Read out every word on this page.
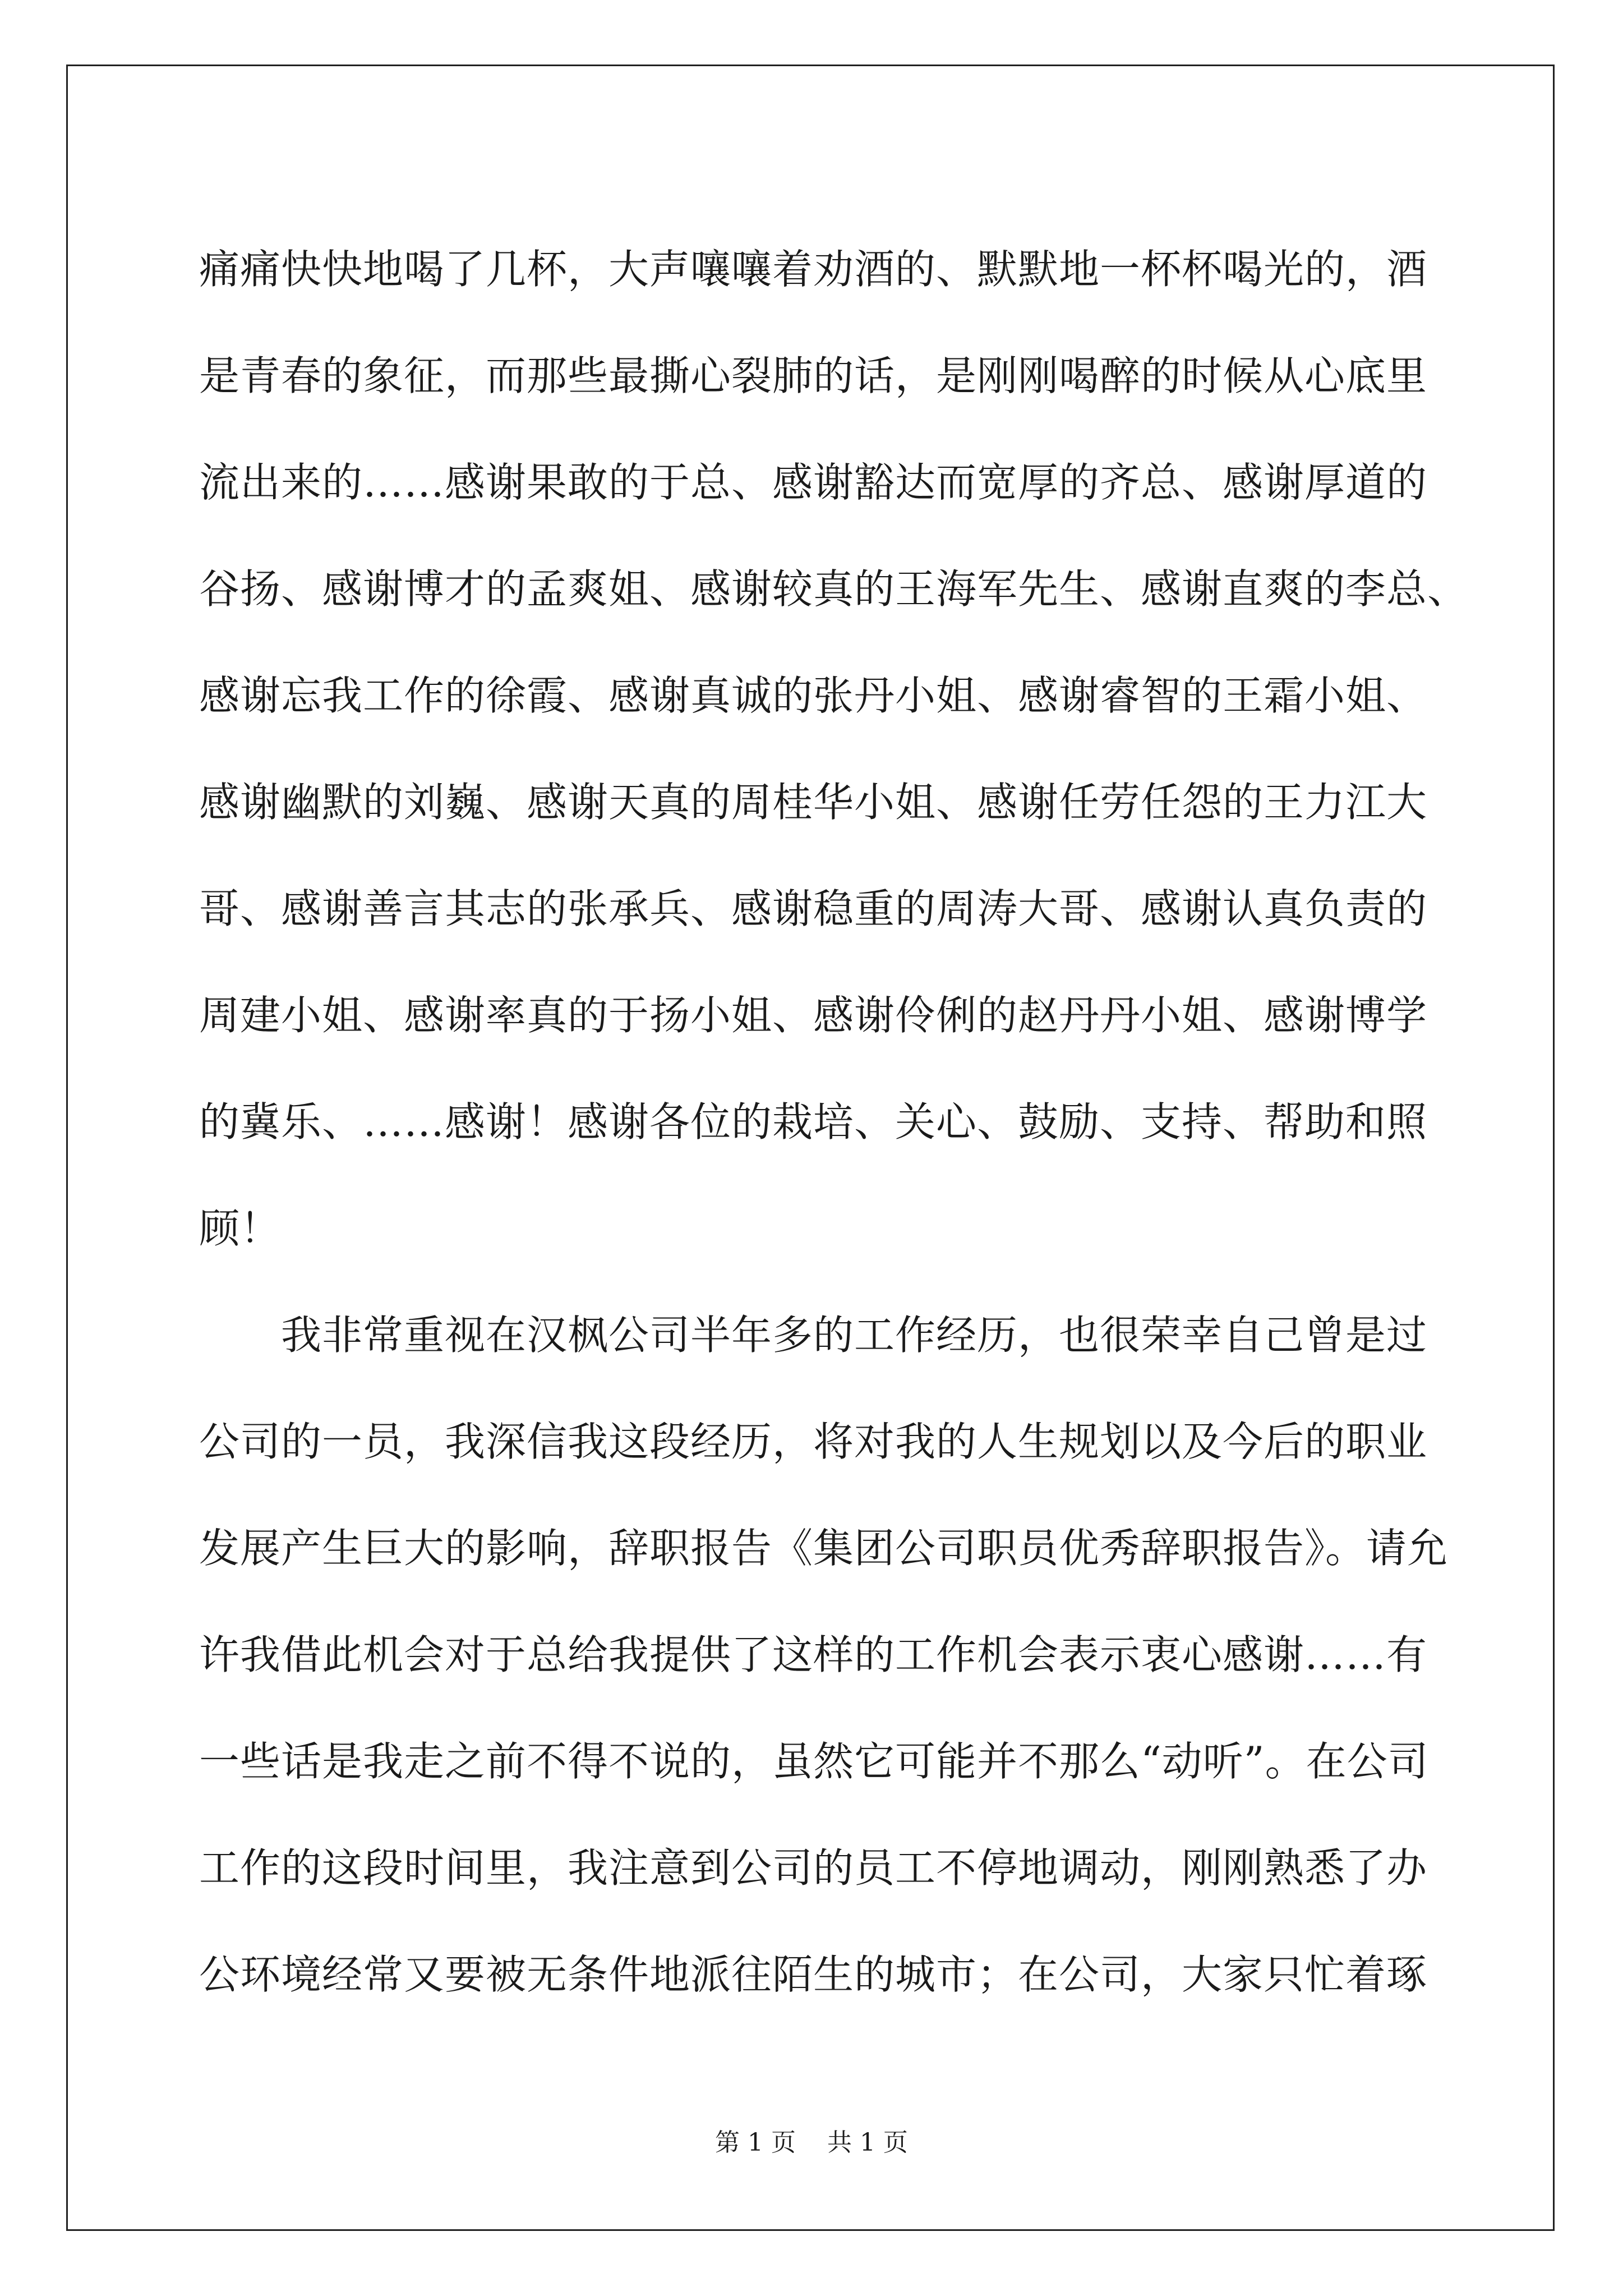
痛痛快快地喝了几杯，大声嚷嚷着劝酒的、默默地一杯杯喝光的，酒
是青春的象征，而那些最撕心裂肺的话，是刚刚喝醉的时候从心底里
流出来的……感谢果敢的于总、感谢豁达而宽厚的齐总、感谢厚道的
谷扬、感谢博才的孟爽姐、感谢较真的王海军先生、感谢直爽的李总、
感谢忘我工作的徐霞、感谢真诚的张丹小姐、感谢睿智的王霜小姐、
感谢幽默的刘巍、感谢天真的周桂华小姐、感谢任劳任怨的王力江大
哥、感谢善言其志的张承兵、感谢稳重的周涛大哥、感谢认真负责的
周建小姐、感谢率真的于扬小姐、感谢伶俐的赵丹丹小姐、感谢博学
的冀乐、……感谢！感谢各位的栽培、关心、鼓励、支持、帮助和照
顾！
我非常重视在汉枫公司半年多的工作经历，也很荣幸自己曾是过
公司的一员，我深信我这段经历，将对我的人生规划以及今后的职业
发展产生巨大的影响，辞职报告《集团公司职员优秀辞职报告》。请允
许我借此机会对于总给我提供了这样的工作机会表示衷心感谢……有
一些话是我走之前不得不说的，虽然它可能并不那么“动听”。在公司
工作的这段时间里，我注意到公司的员工不停地调动，刚刚熟悉了办
公环境经常又要被无条件地派往陌生的城市；在公司，大家只忙着琢
第 1 页    共 1 页
